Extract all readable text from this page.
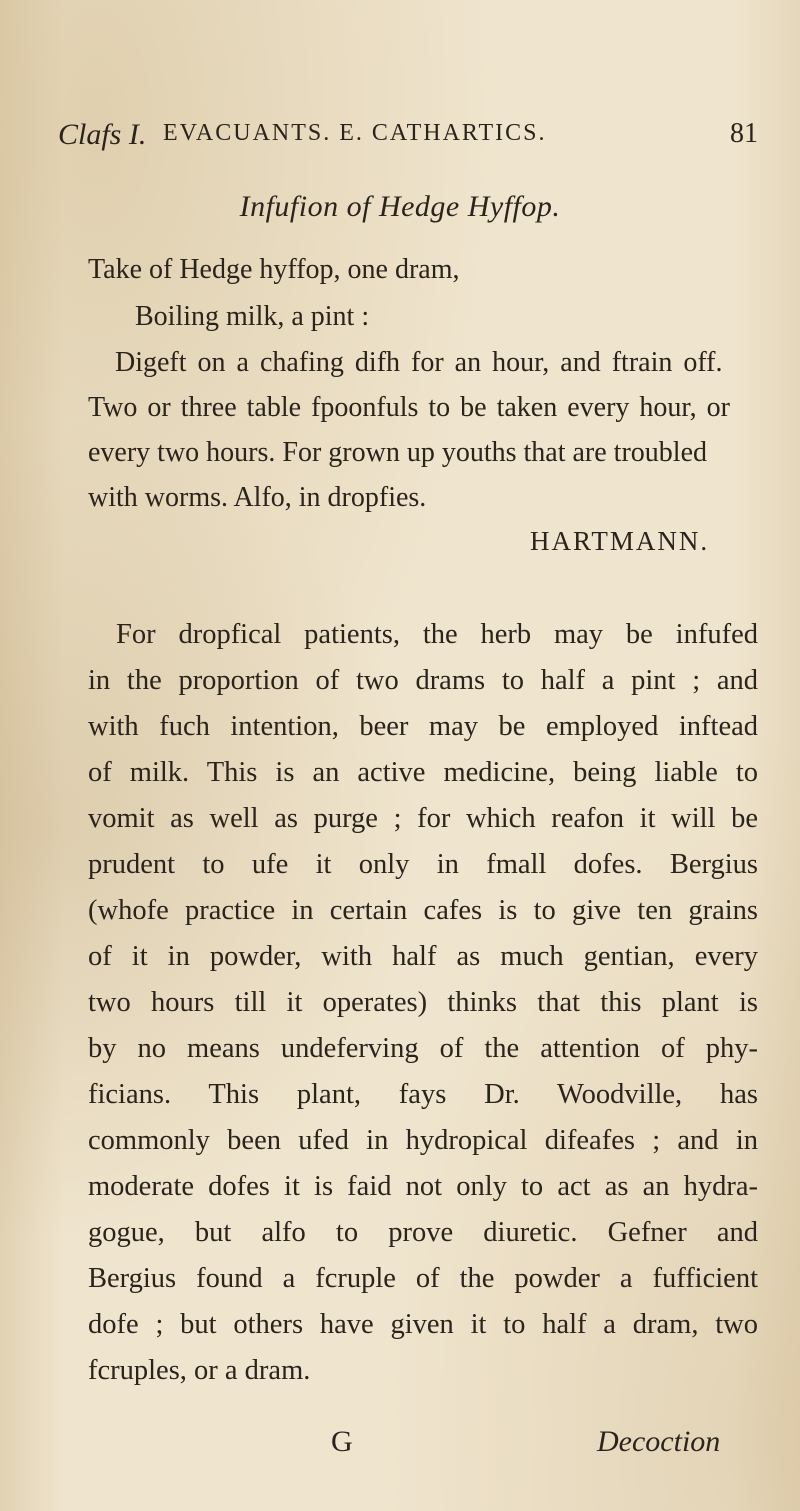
Clafs I. EVACUANTS. E. CATHARTICS.	81
Infufion of Hedge Hyffop.
Take of Hedge hyffop, one dram,
Boiling milk, a pint :
Digeft on a chafing difh for an hour, and ftrain off.
Two or three table fpoonfuls to be taken every hour, or
every two hours. For grown up youths that are troubled
with worms. Alfo, in dropfies.
HARTMANN.
For dropfical patients, the herb may be infufed
in the proportion of two drams to half a pint ; and
with fuch intention, beer may be employed inftead
of milk. This is an active medicine, being liable to
vomit as well as purge ; for which reafon it will be
prudent to ufe it only in fmall dofes. Bergius
(whofe practice in certain cafes is to give ten grains
of it in powder, with half as much gentian, every
two hours till it operates) thinks that this plant is
by no means undeferving of the attention of phy-
ficians. This plant, fays Dr. Woodville, has
commonly been ufed in hydropical difeafes ; and in
moderate dofes it is faid not only to act as an hydra-
gogue, but alfo to prove diuretic. Gefner and
Bergius found a fcruple of the powder a fufficient
dofe ; but others have given it to half a dram, two
fcruples, or a dram.
G	Decoction
